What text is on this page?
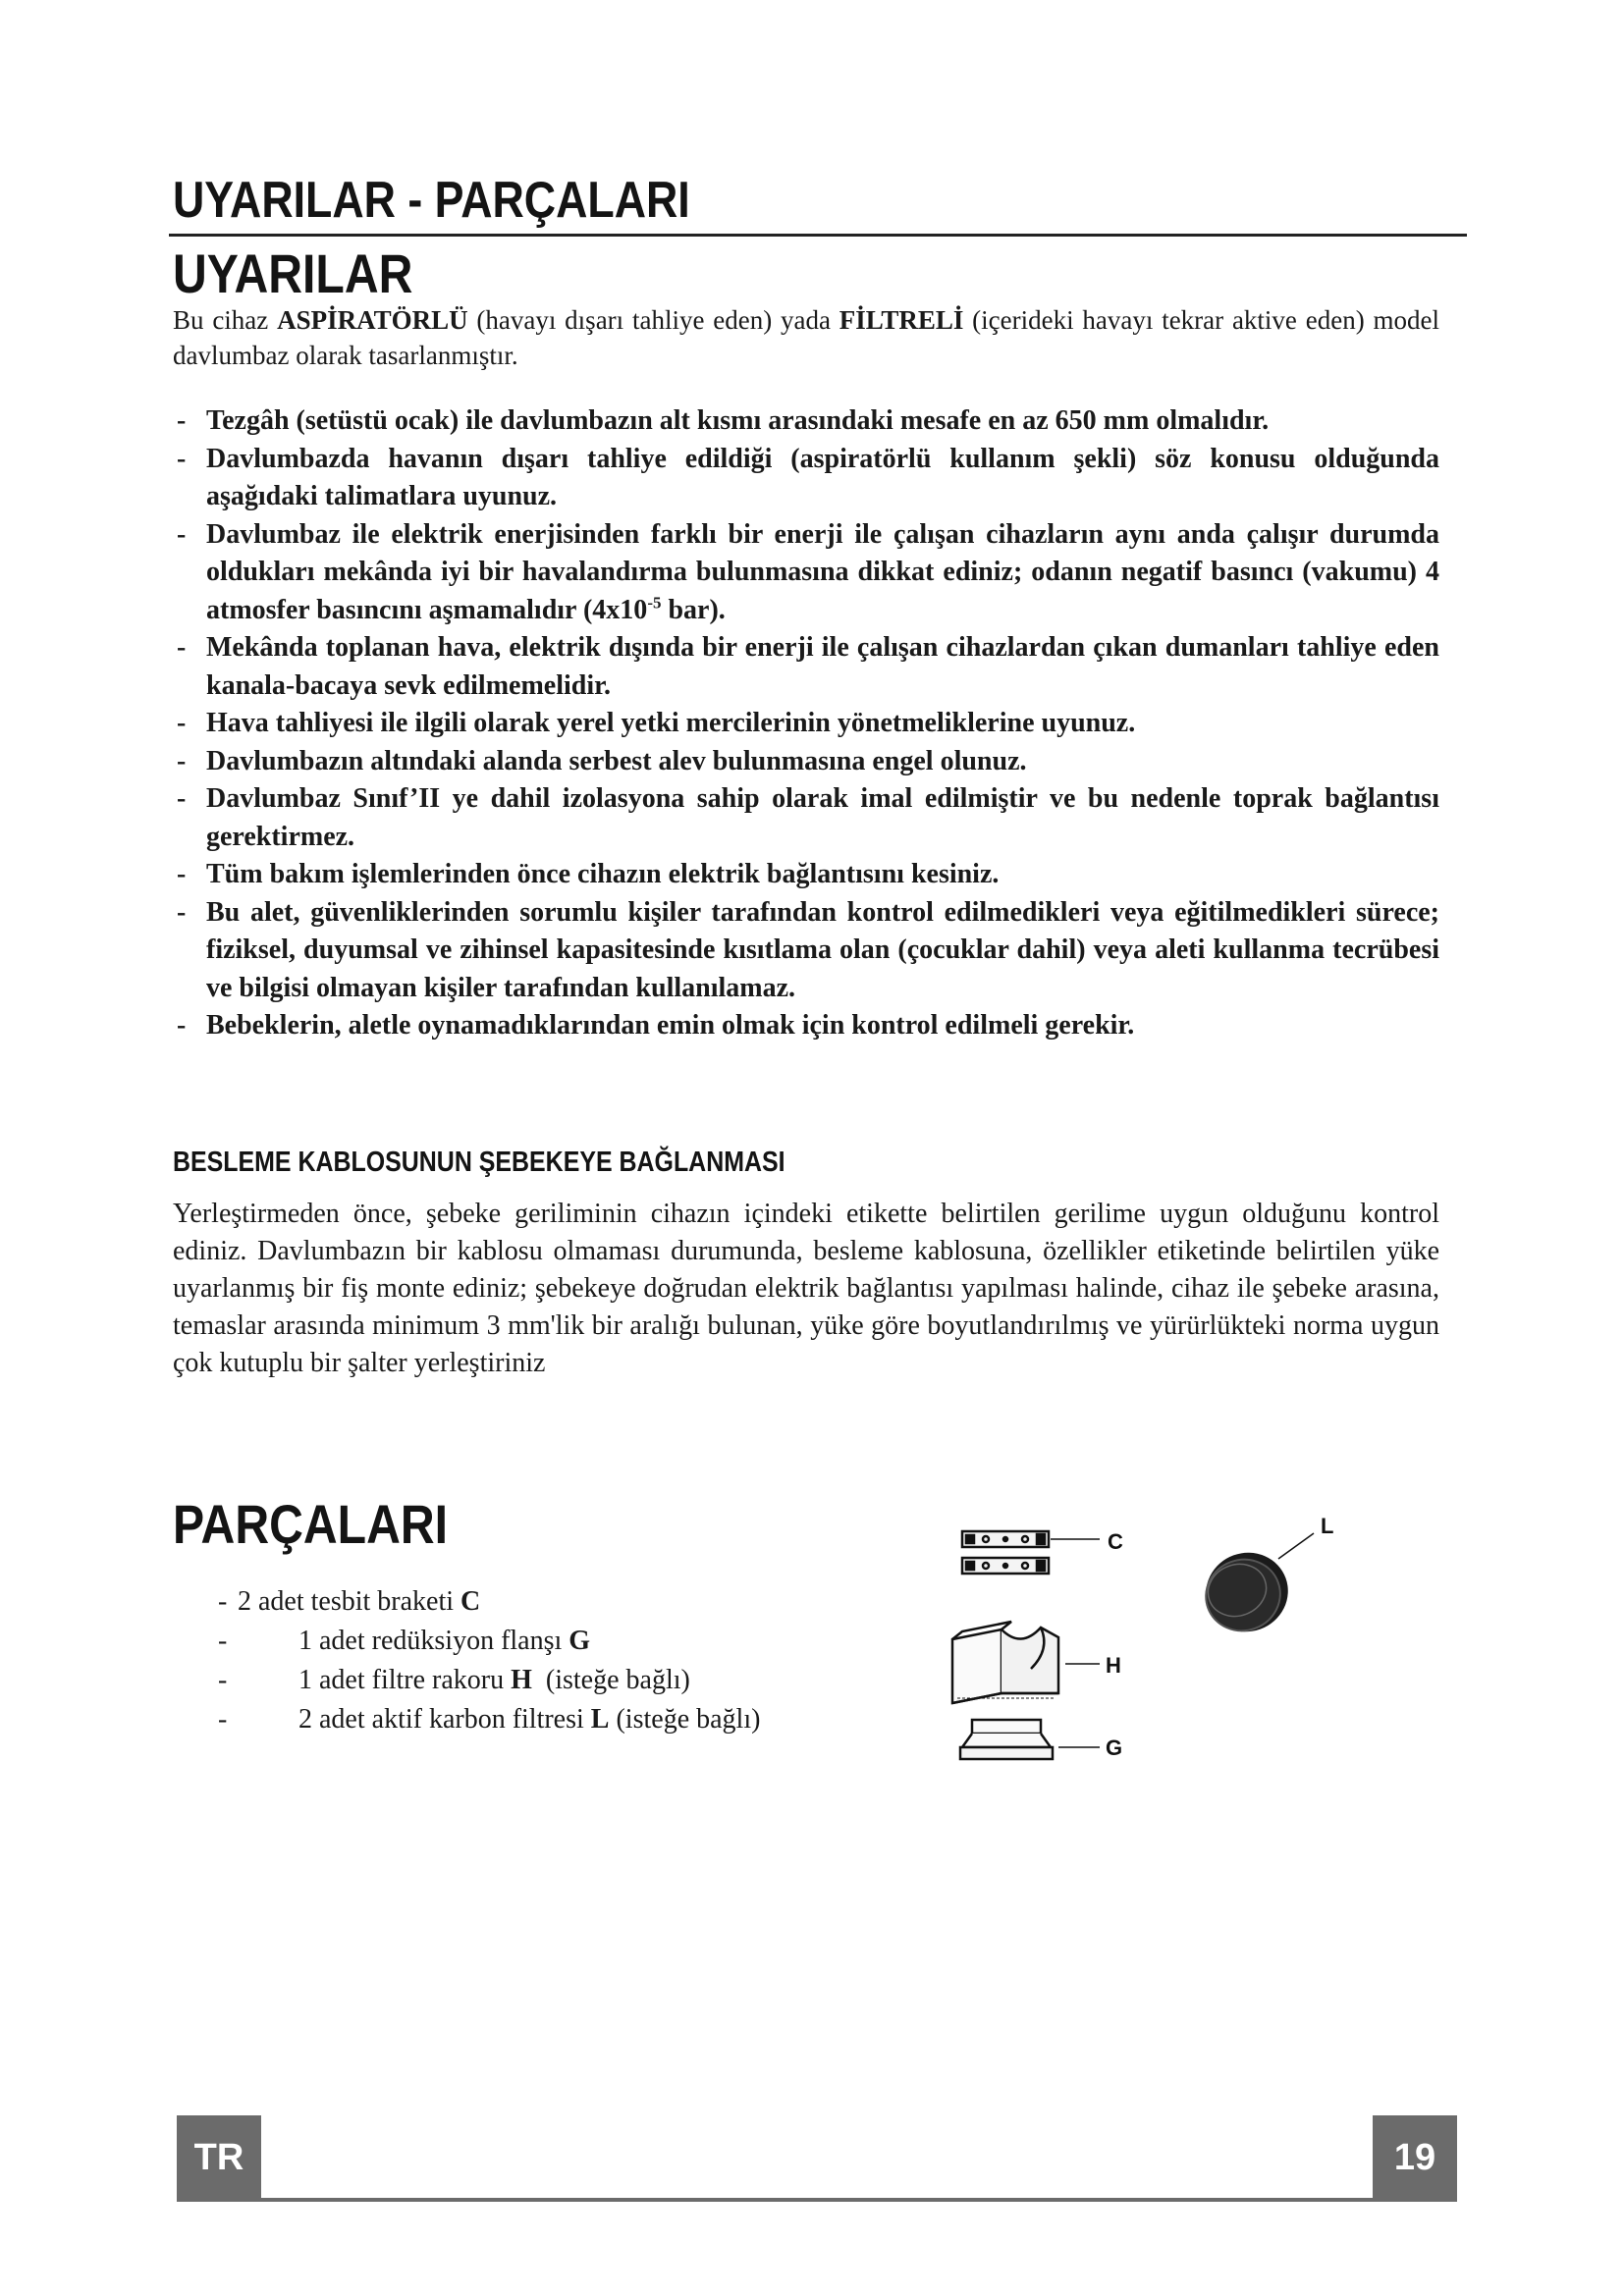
UYARILAR - PARÇALARI
UYARILAR

Bu cihaz ASPİRATÖRLÜ (havayı dışarı tahliye eden) yada FİLTRELİ (içerideki havayı tekrar aktive eden) model davlumbaz olarak tasarlanmıştır.

- Tezgâh (setüstü ocak) ile davlumbazın alt kısmı arasındaki mesafe en az 650 mm olmalıdır.
- Davlumbazda havanın dışarı tahliye edildiği (aspiratörlü kullanım şekli) söz konusu olduğunda aşağıdaki talimatlara uyunuz.
- Davlumbaz ile elektrik enerjisinden farklı bir enerji ile çalışan cihazların aynı anda çalışır durumda oldukları mekânda iyi bir havalandırma bulunmasına dikkat ediniz; odanın negatif basıncı (vakumu) 4 atmosfer basıncını aşmamalıdır ($4x10^{-5}$ bar).
- Mekânda toplanan hava, elektrik dışında bir enerji ile çalışan cihazlardan çıkan dumanları tahliye eden kanala-bacaya sevk edilmemelidir.
- Hava tahliyesi ile ilgili olarak yerel yetki mercilerinin yönetmeliklerine uyunuz.
- Davlumbazın altındaki alanda serbest alev bulunmasına engel olunuz.
- Davlumbaz Sınıf’II ye dahil izolasyona sahip olarak imal edilmiştir ve bu nedenle toprak bağlantısı gerektirmez.
- Tüm bakım işlemlerinden önce cihazın elektrik bağlantısını kesiniz.
- Bu alet, güvenliklerinden sorumlu kişiler tarafından kontrol edilmedikleri veya eğitilmedikleri sürece; fiziksel, duyumsal ve zihinsel kapasitesinde kısıtlama olan (çocuklar dahil) veya aleti kullanma tecrübesi ve bilgisi olmayan kişiler tarafından kullanılamaz.
- Bebeklerin, aletle oynamadıklarından emin olmak için kontrol edilmeli gerekir.
BESLEME KABLOSUNUN ŞEBEKEYE BAĞLANMASI

Yerleştirmeden önce, şebeke geriliminin cihazın içindeki etikette belirtilen gerilime uygun olduğunu kontrol ediniz. Davlumbazın bir kablosu olmaması durumunda, besleme kablosuna, özellikler etiketinde belirtilen yüke uyarlanmış bir fiş monte ediniz; şebekeye doğrudan elektrik bağlantısı yapılması halinde, cihaz ile şebeke arasına, temaslar arasında minimum 3 mm'lik bir aralığı bulunan, yüke göre boyutlandırılmış ve yürürlükteki norma uygun çok kutuplu bir şalter yerleştiriniz

PARÇALARI
- 2 adet tesbit braketi C
-	1 adet redüksiyon flanşı G
-	1 adet filtre rakoru H  (isteğe bağlı)
-	2 adet aktif karbon filtresi L (isteğe bağlı)
C
L
H
G
TR	19
